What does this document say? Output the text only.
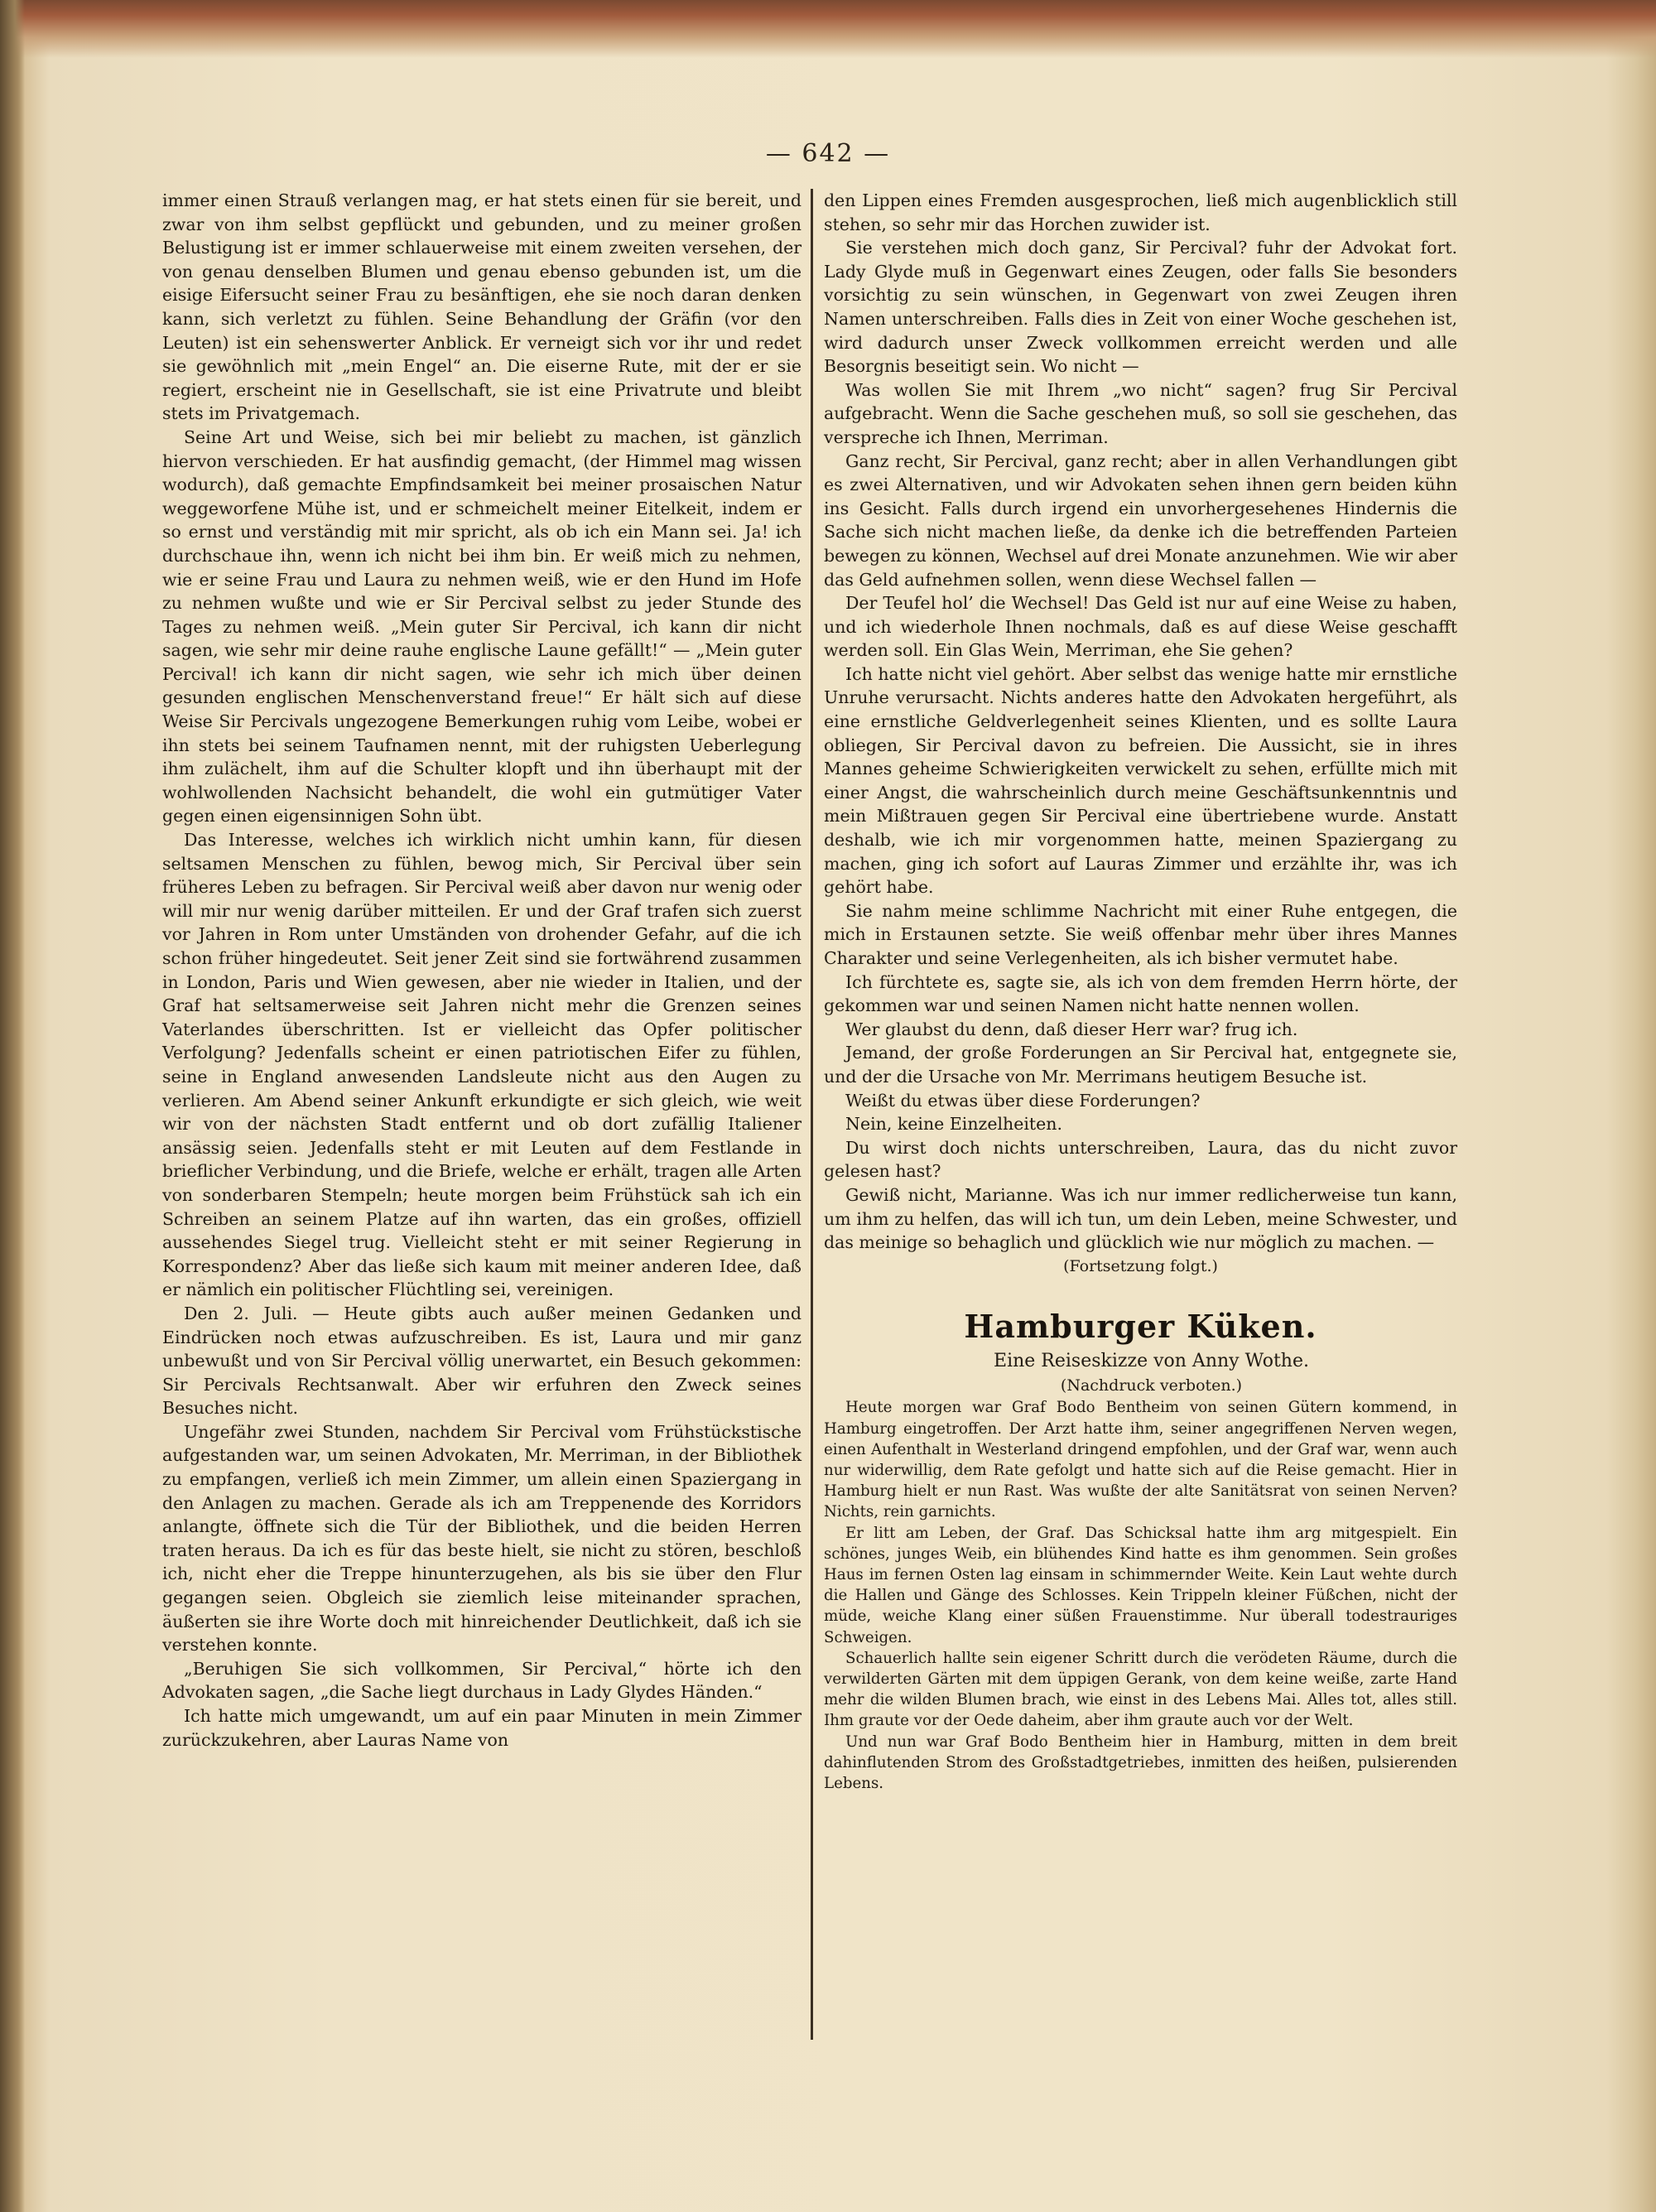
— 642 —

immer einen Strauß verlangen mag, er hat stets einen für sie bereit, und zwar von ihm selbst gepflückt und gebunden, und zu meiner großen Belustigung ist er immer schlauerweise mit einem zweiten versehen, der von genau denselben Blumen und genau ebenso gebunden ist, um die eisige Eifersucht seiner Frau zu besänftigen, ehe sie noch daran denken kann, sich verletzt zu fühlen. Seine Behandlung der Gräfin (vor den Leuten) ist ein sehenswerter Anblick. Er verneigt sich vor ihr und redet sie gewöhnlich mit „mein Engel“ an. Die eiserne Rute, mit der er sie regiert, erscheint nie in Gesellschaft, sie ist eine Privatrute und bleibt stets im Privatgemach.

Seine Art und Weise, sich bei mir beliebt zu machen, ist gänzlich hiervon verschieden. Er hat ausfindig gemacht, (der Himmel mag wissen wodurch), daß gemachte Empfindsamkeit bei meiner prosaischen Natur weggeworfene Mühe ist, und er schmeichelt meiner Eitelkeit, indem er so ernst und verständig mit mir spricht, als ob ich ein Mann sei. Ja! ich durchschaue ihn, wenn ich nicht bei ihm bin. Er weiß mich zu nehmen, wie er seine Frau und Laura zu nehmen weiß, wie er den Hund im Hofe zu nehmen wußte und wie er Sir Percival selbst zu jeder Stunde des Tages zu nehmen weiß. „Mein guter Sir Percival, ich kann dir nicht sagen, wie sehr mir deine rauhe englische Laune gefällt!“ — „Mein guter Percival! ich kann dir nicht sagen, wie sehr ich mich über deinen gesunden englischen Menschenverstand freue!“ Er hält sich auf diese Weise Sir Percivals ungezogene Bemerkungen ruhig vom Leibe, wobei er ihn stets bei seinem Taufnamen nennt, mit der ruhigsten Ueberlegung ihm zulächelt, ihm auf die Schulter klopft und ihn überhaupt mit der wohlwollenden Nachsicht behandelt, die wohl ein gutmütiger Vater gegen einen eigensinnigen Sohn übt.

Das Interesse, welches ich wirklich nicht umhin kann, für diesen seltsamen Menschen zu fühlen, bewog mich, Sir Percival über sein früheres Leben zu befragen. Sir Percival weiß aber davon nur wenig oder will mir nur wenig darüber mitteilen. Er und der Graf trafen sich zuerst vor Jahren in Rom unter Umständen von drohender Gefahr, auf die ich schon früher hingedeutet. Seit jener Zeit sind sie fortwährend zusammen in London, Paris und Wien gewesen, aber nie wieder in Italien, und der Graf hat seltsamerweise seit Jahren nicht mehr die Grenzen seines Vaterlandes überschritten. Ist er vielleicht das Opfer politischer Verfolgung? Jedenfalls scheint er einen patriotischen Eifer zu fühlen, seine in England anwesenden Landsleute nicht aus den Augen zu verlieren. Am Abend seiner Ankunft erkundigte er sich gleich, wie weit wir von der nächsten Stadt entfernt und ob dort zufällig Italiener ansässig seien. Jedenfalls steht er mit Leuten auf dem Festlande in brieflicher Verbindung, und die Briefe, welche er erhält, tragen alle Arten von sonderbaren Stempeln; heute morgen beim Frühstück sah ich ein Schreiben an seinem Platze auf ihn warten, das ein großes, offiziell aussehendes Siegel trug. Vielleicht steht er mit seiner Regierung in Korrespondenz? Aber das ließe sich kaum mit meiner anderen Idee, daß er nämlich ein politischer Flüchtling sei, vereinigen.

Den 2. Juli. — Heute gibts auch außer meinen Gedanken und Eindrücken noch etwas aufzuschreiben. Es ist, Laura und mir ganz unbewußt und von Sir Percival völlig unerwartet, ein Besuch gekommen: Sir Percivals Rechtsanwalt. Aber wir erfuhren den Zweck seines Besuches nicht.

Ungefähr zwei Stunden, nachdem Sir Percival vom Frühstückstische aufgestanden war, um seinen Advokaten, Mr. Merriman, in der Bibliothek zu empfangen, verließ ich mein Zimmer, um allein einen Spaziergang in den Anlagen zu machen. Gerade als ich am Treppenende des Korridors anlangte, öffnete sich die Tür der Bibliothek, und die beiden Herren traten heraus. Da ich es für das beste hielt, sie nicht zu stören, beschloß ich, nicht eher die Treppe hinunterzugehen, als bis sie über den Flur gegangen seien. Obgleich sie ziemlich leise miteinander sprachen, äußerten sie ihre Worte doch mit hinreichender Deutlichkeit, daß ich sie verstehen konnte.

„Beruhigen Sie sich vollkommen, Sir Percival,“ hörte ich den Advokaten sagen, „die Sache liegt durchaus in Lady Glydes Händen.“

Ich hatte mich umgewandt, um auf ein paar Minuten in mein Zimmer zurückzukehren, aber Lauras Name von

den Lippen eines Fremden ausgesprochen, ließ mich augenblicklich still stehen, so sehr mir das Horchen zuwider ist.

Sie verstehen mich doch ganz, Sir Percival? fuhr der Advokat fort. Lady Glyde muß in Gegenwart eines Zeugen, oder falls Sie besonders vorsichtig zu sein wünschen, in Gegenwart von zwei Zeugen ihren Namen unterschreiben. Falls dies in Zeit von einer Woche geschehen ist, wird dadurch unser Zweck vollkommen erreicht werden und alle Besorgnis beseitigt sein. Wo nicht —

Was wollen Sie mit Ihrem „wo nicht“ sagen? frug Sir Percival aufgebracht. Wenn die Sache geschehen muß, so soll sie geschehen, das verspreche ich Ihnen, Merriman.

Ganz recht, Sir Percival, ganz recht; aber in allen Verhandlungen gibt es zwei Alternativen, und wir Advokaten sehen ihnen gern beiden kühn ins Gesicht. Falls durch irgend ein unvorhergesehenes Hindernis die Sache sich nicht machen ließe, da denke ich die betreffenden Parteien bewegen zu können, Wechsel auf drei Monate anzunehmen. Wie wir aber das Geld aufnehmen sollen, wenn diese Wechsel fallen —

Der Teufel hol’ die Wechsel! Das Geld ist nur auf eine Weise zu haben, und ich wiederhole Ihnen nochmals, daß es auf diese Weise geschafft werden soll. Ein Glas Wein, Merriman, ehe Sie gehen?

Ich hatte nicht viel gehört. Aber selbst das wenige hatte mir ernstliche Unruhe verursacht. Nichts anderes hatte den Advokaten hergeführt, als eine ernstliche Geldverlegenheit seines Klienten, und es sollte Laura obliegen, Sir Percival davon zu befreien. Die Aussicht, sie in ihres Mannes geheime Schwierigkeiten verwickelt zu sehen, erfüllte mich mit einer Angst, die wahrscheinlich durch meine Geschäftsunkenntnis und mein Mißtrauen gegen Sir Percival eine übertriebene wurde. Anstatt deshalb, wie ich mir vorgenommen hatte, meinen Spaziergang zu machen, ging ich sofort auf Lauras Zimmer und erzählte ihr, was ich gehört habe.

Sie nahm meine schlimme Nachricht mit einer Ruhe entgegen, die mich in Erstaunen setzte. Sie weiß offenbar mehr über ihres Mannes Charakter und seine Verlegenheiten, als ich bisher vermutet habe.

Ich fürchtete es, sagte sie, als ich von dem fremden Herrn hörte, der gekommen war und seinen Namen nicht hatte nennen wollen.

Wer glaubst du denn, daß dieser Herr war? frug ich.

Jemand, der große Forderungen an Sir Percival hat, entgegnete sie, und der die Ursache von Mr. Merrimans heutigem Besuche ist.

Weißt du etwas über diese Forderungen?

Nein, keine Einzelheiten.

Du wirst doch nichts unterschreiben, Laura, das du nicht zuvor gelesen hast?

Gewiß nicht, Marianne. Was ich nur immer redlicherweise tun kann, um ihm zu helfen, das will ich tun, um dein Leben, meine Schwester, und das meinige so behaglich und glücklich wie nur möglich zu machen. —

(Fortsetzung folgt.)

Hamburger Küken.

Eine Reiseskizze von Anny Wothe.

(Nachdruck verboten.)

Heute morgen war Graf Bodo Bentheim von seinen Gütern kommend, in Hamburg eingetroffen. Der Arzt hatte ihm, seiner angegriffenen Nerven wegen, einen Aufenthalt in Westerland dringend empfohlen, und der Graf war, wenn auch nur widerwillig, dem Rate gefolgt und hatte sich auf die Reise gemacht. Hier in Hamburg hielt er nun Rast. Was wußte der alte Sanitätsrat von seinen Nerven? Nichts, rein garnichts.

Er litt am Leben, der Graf. Das Schicksal hatte ihm arg mitgespielt. Ein schönes, junges Weib, ein blühendes Kind hatte es ihm genommen. Sein großes Haus im fernen Osten lag einsam in schimmernder Weite. Kein Laut wehte durch die Hallen und Gänge des Schlosses. Kein Trippeln kleiner Füßchen, nicht der müde, weiche Klang einer süßen Frauenstimme. Nur überall todestrauriges Schweigen.

Schauerlich hallte sein eigener Schritt durch die verödeten Räume, durch die verwilderten Gärten mit dem üppigen Gerank, von dem keine weiße, zarte Hand mehr die wilden Blumen brach, wie einst in des Lebens Mai. Alles tot, alles still. Ihm graute vor der Oede daheim, aber ihm graute auch vor der Welt.

Und nun war Graf Bodo Bentheim hier in Hamburg, mitten in dem breit dahinflutenden Strom des Großstadtgetriebes, inmitten des heißen, pulsierenden Lebens.
